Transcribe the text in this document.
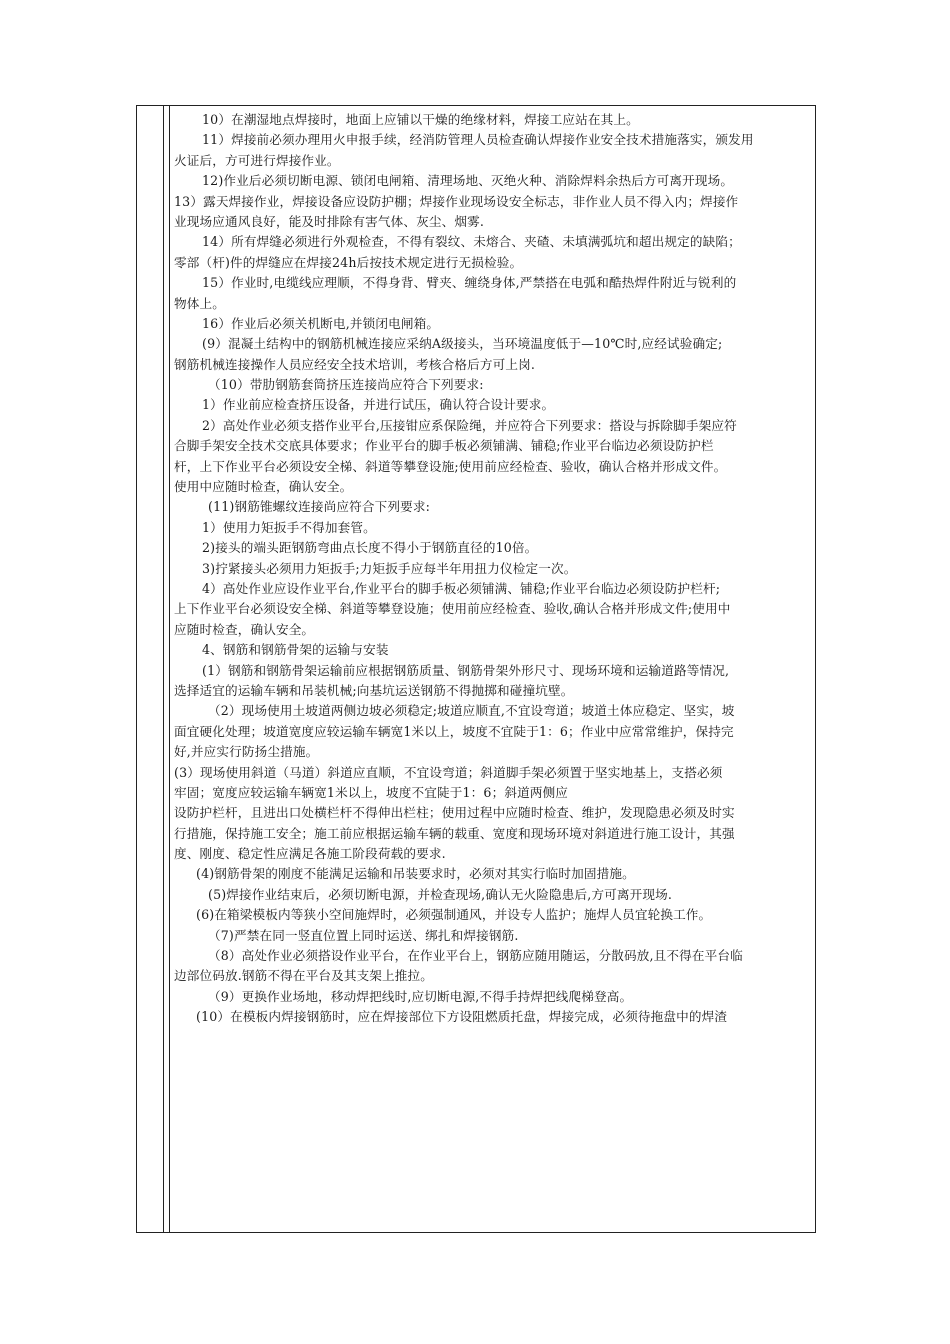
10）在潮湿地点焊接时，地面上应铺以干燥的绝缘材料，焊接工应站在其上。
11）焊接前必须办理用火申报手续，经消防管理人员检查确认焊接作业安全技术措施落实，颁发用
火证后，方可进行焊接作业。
12)作业后必须切断电源、锁闭电闸箱、清理场地、灭绝火种、消除焊料余热后方可离开现场。
13）露天焊接作业，焊接设备应设防护棚；焊接作业现场设安全标志，非作业人员不得入内；焊接作
业现场应通风良好，能及时排除有害气体、灰尘、烟雾.
14）所有焊缝必须进行外观检查，不得有裂纹、未熔合、夹碴、未填满弧坑和超出规定的缺陷；
零部（杆)件的焊缝应在焊接24h后按技术规定进行无损检验。
15）作业时,电缆线应理顺，不得身背、臂夹、缠绕身体,严禁搭在电弧和酷热焊件附近与锐利的
物体上。
16）作业后必须关机断电,并锁闭电闸箱。
(9）混凝土结构中的钢筋机械连接应采纳A级接头，当环境温度低于—10℃时,应经试验确定;
钢筋机械连接操作人员应经安全技术培训，考核合格后方可上岗.
（10）带肋钢筋套筒挤压连接尚应符合下列要求:
1）作业前应检查挤压设备，并进行试压，确认符合设计要求。
2）高处作业必须支搭作业平台,压接钳应系保险绳，并应符合下列要求：搭设与拆除脚手架应符
合脚手架安全技术交底具体要求；作业平台的脚手板必须铺满、铺稳;作业平台临边必须设防护栏
杆，上下作业平台必须设安全梯、斜道等攀登设施;使用前应经检查、验收，确认合格并形成文件。
使用中应随时检查，确认安全。
(11)钢筋锥螺纹连接尚应符合下列要求:
1）使用力矩扳手不得加套管。
2)接头的端头距钢筋弯曲点长度不得小于钢筋直径的10倍。
3)拧紧接头必须用力矩扳手;力矩扳手应每半年用扭力仪检定一次。
4）高处作业应设作业平台,作业平台的脚手板必须铺满、铺稳;作业平台临边必须设防护栏杆;
上下作业平台必须设安全梯、斜道等攀登设施；使用前应经检查、验收,确认合格并形成文件;使用中
应随时检查，确认安全。
4、钢筋和钢筋骨架的运输与安装
(1）钢筋和钢筋骨架运输前应根据钢筋质量、钢筋骨架外形尺寸、现场环境和运输道路等情况,
选择适宜的运输车辆和吊装机械;向基坑运送钢筋不得抛掷和碰撞坑壁。
（2）现场使用土坡道两侧边坡必须稳定;坡道应顺直,不宜设弯道；坡道土体应稳定、坚实，坡
面宜硬化处理；坡道宽度应较运输车辆宽1米以上，坡度不宜陡于1：6；作业中应常常维护，保持完
好,并应实行防扬尘措施。
(3）现场使用斜道（马道）斜道应直顺，不宜设弯道；斜道脚手架必须置于坚实地基上，支搭必须
牢固；宽度应较运输车辆宽1米以上，坡度不宜陡于1：6；斜道两侧应
设防护栏杆，且进出口处横栏杆不得伸出栏柱；使用过程中应随时检查、维护，发现隐患必须及时实
行措施，保持施工安全；施工前应根据运输车辆的载重、宽度和现场环境对斜道进行施工设计，其强
度、刚度、稳定性应满足各施工阶段荷载的要求.
(4)钢筋骨架的刚度不能满足运输和吊装要求时，必须对其实行临时加固措施。
(5)焊接作业结束后，必须切断电源，并检查现场,确认无火险隐患后,方可离开现场.
(6)在箱梁模板内等狭小空间施焊时，必须强制通风，并设专人监护；施焊人员宜轮换工作。
（7)严禁在同一竖直位置上同时运送、绑扎和焊接钢筋.
（8）高处作业必须搭设作业平台，在作业平台上，钢筋应随用随运，分散码放,且不得在平台临
边部位码放.钢筋不得在平台及其支架上推拉。
（9）更换作业场地，移动焊把线时,应切断电源,不得手持焊把线爬梯登高。
(10）在模板内焊接钢筋时，应在焊接部位下方设阻燃质托盘，焊接完成，必须待拖盘中的焊渣
